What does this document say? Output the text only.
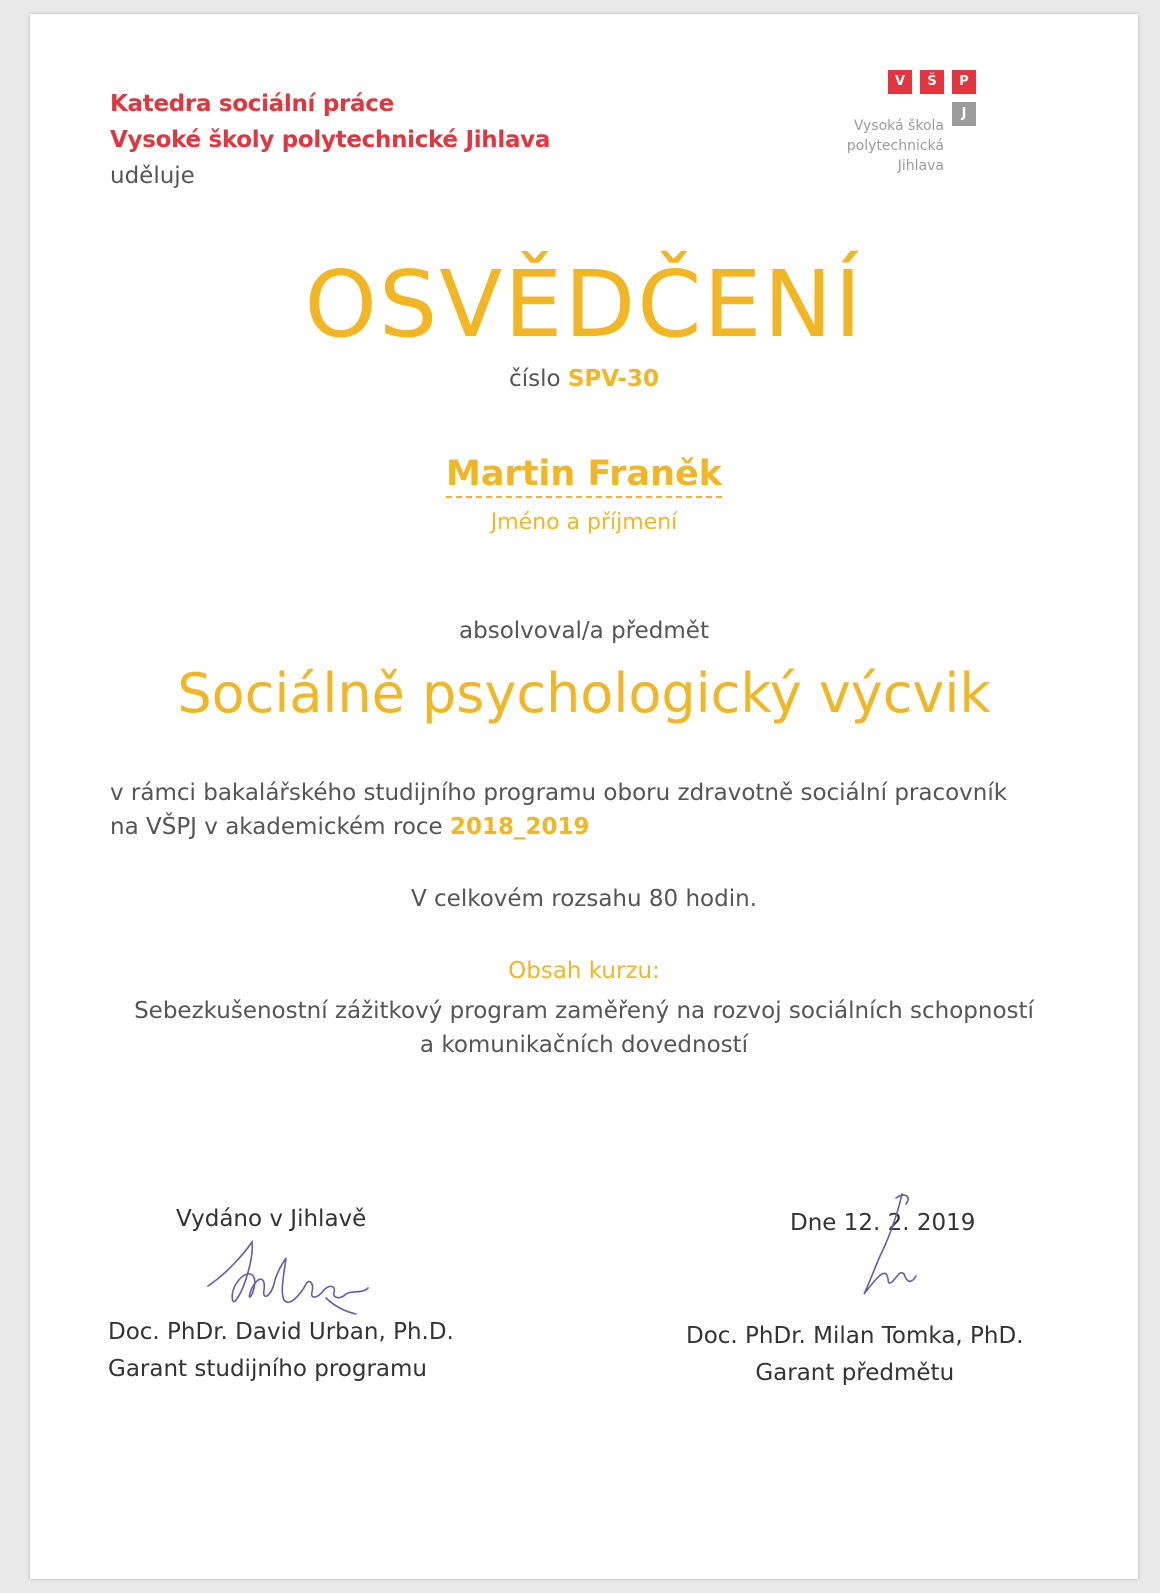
Katedra sociální práce
Vysoké školy polytechnické Jihlava
uděluje
V	Š	P
J
Vysoká škola
polytechnická
Jihlava
OSVĚDČENÍ
číslo SPV-30
Martin Franěk
Jméno a příjmení
absolvoval/a předmět
Sociálně psychologický výcvik
v rámci bakalářského studijního programu oboru zdravotně sociální pracovník
na VŠPJ v akademickém roce 2018_2019
V celkovém rozsahu 80 hodin.
Obsah kurzu:
Sebezkušenostní zážitkový program zaměřený na rozvoj sociálních schopností
a komunikačních dovedností
Vydáno v Jihlavě	Dne 12. 2. 2019
Doc. PhDr. David Urban, Ph.D.
Garant studijního programu
Doc. PhDr. Milan Tomka, PhD.
Garant předmětu
